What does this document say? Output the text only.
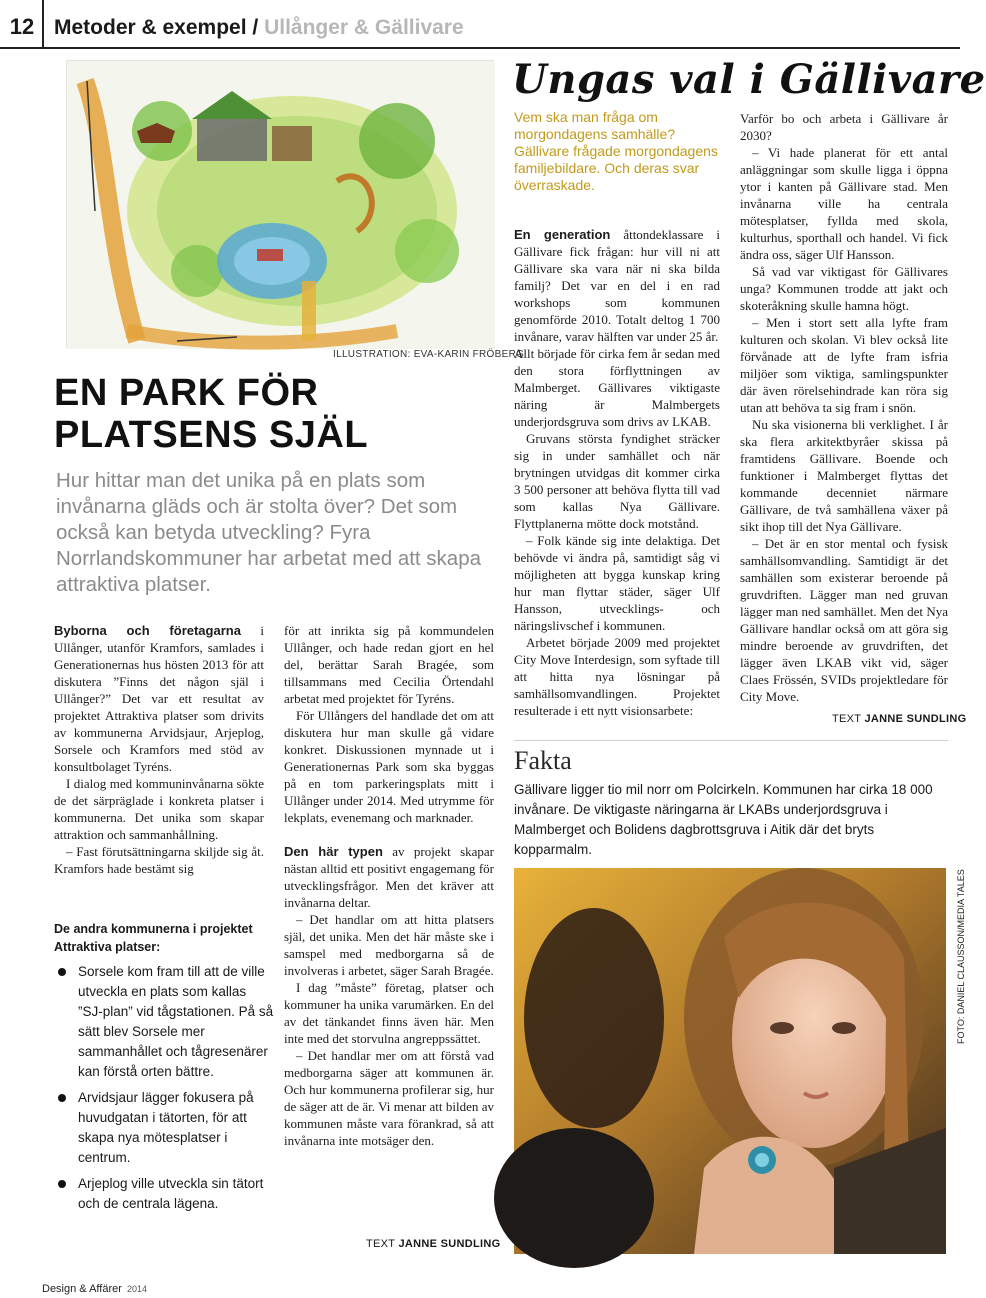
12 Metoder & exempel / Ullånger & Gällivare
ILLUSTRATION: EVA-KARIN FRÖBERG
EN PARK FÖR
PLATSENS SJÄL
Hur hittar man det unika på en plats som invånarna gläds och är stolta över? Det som också kan betyda utveckling? Fyra Norrlandskommuner har arbetat med att skapa attraktiva platser.

Byborna och företagarna i Ullånger, utanför Kramfors, samlades i Generationernas hus hösten 2013 för att diskutera ”Finns det någon själ i Ullånger?” Det var ett resultat av projektet Attraktiva platser som drivits av kommunerna Arvidsjaur, Arjeplog, Sorsele och Kramfors med stöd av konsultbolaget Tyréns.

I dialog med kommuninvånarna sökte de det särpräglade i konkreta platser i kommunerna. Det unika som skapar attraktion och sammanhållning.

– Fast förutsättningarna skiljde sig åt. Kramfors hade bestämt sig

för att inrikta sig på kommundelen Ullånger, och hade redan gjort en hel del, berättar Sarah Bragée, som tillsammans med Cecilia Örtendahl arbetat med projektet för Tyréns.

För Ullångers del handlade det om att diskutera hur man skulle gå vidare konkret. Diskussionen mynnade ut i Generationernas Park som ska byggas på en tom parkeringsplats mitt i Ullånger under 2014. Med utrymme för lekplats, evenemang och marknader.

Den här typen av projekt skapar nästan alltid ett positivt engagemang för utvecklingsfrågor. Men det kräver att invånarna deltar.

– Det handlar om att hitta platsers själ, det unika. Men det här måste ske i samspel med medborgarna så de involveras i arbetet, säger Sarah Bragée.

I dag ”måste” företag, platser och kommuner ha unika varumärken. En del av det tänkandet finns även här. Men inte med det storvulna angreppssättet.

– Det handlar mer om att förstå vad medborgarna säger att kommunen är. Och hur kommunerna profilerar sig, hur de säger att de är. Vi menar att bilden av kommunen måste vara förankrad, så att invånarna inte motsäger den.

De andra kommunerna i projektet Attraktiva platser:
Sorsele kom fram till att de ville utveckla en plats som kallas ”SJ-plan” vid tågstationen. På så sätt blev Sorsele mer sammanhållet och tågresenärer kan förstå orten bättre.
Arvidsjaur lägger fokusera på huvudgatan i tätorten, för att skapa nya mötesplatser i centrum.
Arjeplog ville utveckla sin tätort och de centrala lägena.
TEXT JANNE SUNDLING
Ungas val i Gällivare
Vem ska man fråga om morgondagens samhälle? Gällivare frågade morgondagens familjebildare. Och deras svar överraskade.

En generation åttondeklassare i Gällivare fick frågan: hur vill ni att Gällivare ska vara när ni ska bilda familj? Det var en del i en rad workshops som kommunen genomförde 2010. Totalt deltog 1 700 invånare, varav hälften var under 25 år.

Allt började för cirka fem år sedan med den stora förflyttningen av Malmberget. Gällivares viktigaste näring är Malmbergets underjordsgruva som drivs av LKAB.

Gruvans största fyndighet sträcker sig in under samhället och när brytningen utvidgas dit kommer cirka 3 500 personer att behöva flytta till vad som kallas Nya Gällivare. Flyttplanerna mötte dock motstånd.

– Folk kände sig inte delaktiga. Det behövde vi ändra på, samtidigt såg vi möjligheten att bygga kunskap kring hur man flyttar städer, säger Ulf Hansson, utvecklings- och näringslivschef i kommunen.

Arbetet började 2009 med projektet City Move Interdesign, som syftade till att hitta nya lösningar på samhällsomvandlingen. Projektet resulterade i ett nytt visionsarbete:

Varför bo och arbeta i Gällivare år 2030?

– Vi hade planerat för ett antal anläggningar som skulle ligga i öppna ytor i kanten på Gällivare stad. Men invånarna ville ha centrala mötesplatser, fyllda med skola, kulturhus, sporthall och handel. Vi fick ändra oss, säger Ulf Hansson.

Så vad var viktigast för Gällivares unga? Kommunen trodde att jakt och skoteråkning skulle hamna högt.

– Men i stort sett alla lyfte fram kulturen och skolan. Vi blev också lite förvånade att de lyfte fram isfria miljöer som viktiga, samlingspunkter där även rörelsehindrade kan röra sig utan att behöva ta sig fram i snön.

Nu ska visionerna bli verklighet. I år ska flera arkitektbyråer skissa på framtidens Gällivare. Boende och funktioner i Malmberget flyttas det kommande decenniet närmare Gällivare, de två samhällena växer på sikt ihop till det Nya Gällivare.

– Det är en stor mental och fysisk samhällsomvandling. Samtidigt är det samhällen som existerar beroende på gruvdriften. Lägger man ned gruvan lägger man ned samhället. Men det Nya Gällivare handlar också om att göra sig mindre beroende av gruvdriften, det lägger även LKAB vikt vid, säger Claes Frössén, SVIDs projektledare för City Move.

TEXT JANNE SUNDLING
Fakta
Gällivare ligger tio mil norr om Polcirkeln. Kommunen har cirka 18 000 invånare. De viktigaste näringarna är LKABs underjordsgruva i Malmberget och Bolidens dagbrottsgruva i Aitik där det bryts kopparmalm.
FOTO: DANIEL CLAUSSON/MEDIA TALES
Design & Affärer 2014
